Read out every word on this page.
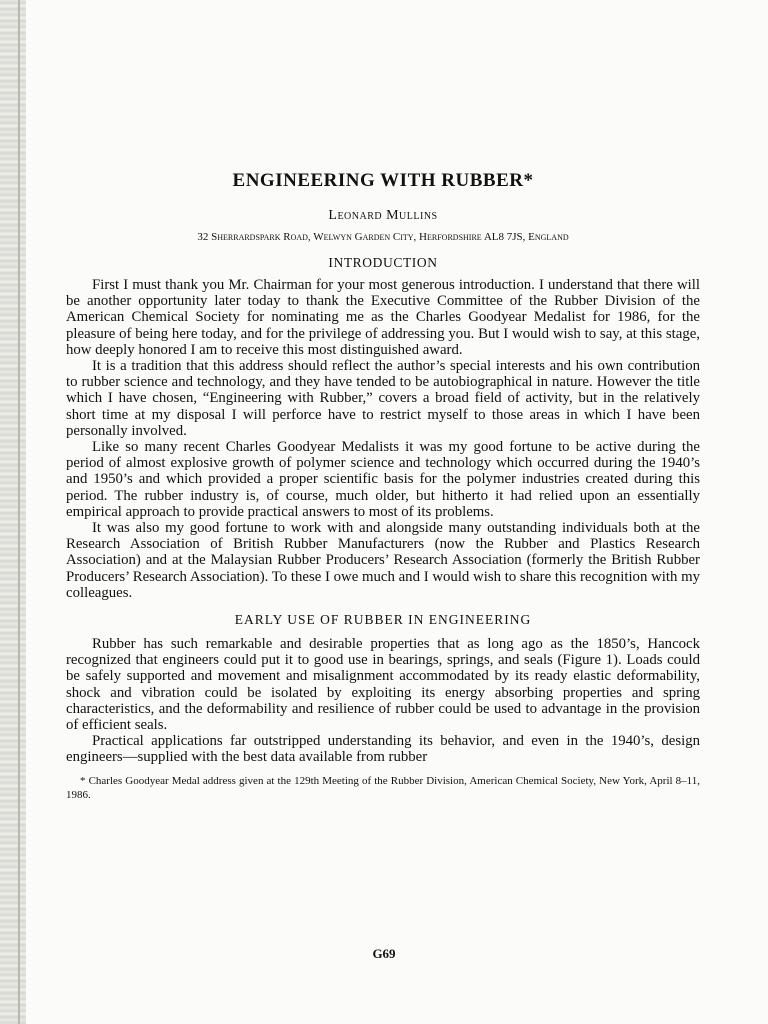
ENGINEERING WITH RUBBER*
Leonard Mullins
32 Sherrardspark Road, Welwyn Garden City, Herfordshire AL8 7JS, England
INTRODUCTION

First I must thank you Mr. Chairman for your most generous introduction. I understand that there will be another opportunity later today to thank the Executive Committee of the Rubber Division of the American Chemical Society for nominating me as the Charles Goodyear Medalist for 1986, for the pleasure of being here today, and for the privilege of addressing you. But I would wish to say, at this stage, how deeply honored I am to receive this most distinguished award.

It is a tradition that this address should reflect the author’s special interests and his own contribution to rubber science and technology, and they have tended to be autobiographical in nature. However the title which I have chosen, “Engineering with Rubber,” covers a broad field of activity, but in the relatively short time at my disposal I will perforce have to restrict myself to those areas in which I have been personally involved.

Like so many recent Charles Goodyear Medalists it was my good fortune to be active during the period of almost explosive growth of polymer science and technology which occurred during the 1940’s and 1950’s and which provided a proper scientific basis for the polymer industries created during this period. The rubber industry is, of course, much older, but hitherto it had relied upon an essentially empirical approach to provide practical answers to most of its problems.

It was also my good fortune to work with and alongside many outstanding individuals both at the Research Association of British Rubber Manufacturers (now the Rubber and Plastics Research Association) and at the Malaysian Rubber Producers’ Research Association (formerly the British Rubber Producers’ Research Association). To these I owe much and I would wish to share this recognition with my colleagues.

EARLY USE OF RUBBER IN ENGINEERING

Rubber has such remarkable and desirable properties that as long ago as the 1850’s, Hancock recognized that engineers could put it to good use in bearings, springs, and seals (Figure 1). Loads could be safely supported and movement and misalignment accommodated by its ready elastic deformability, shock and vibration could be isolated by exploiting its energy absorbing properties and spring characteristics, and the deformability and resilience of rubber could be used to advantage in the provision of efficient seals.

Practical applications far outstripped understanding its behavior, and even in the 1940’s, design engineers—supplied with the best data available from rubber

* Charles Goodyear Medal address given at the 129th Meeting of the Rubber Division, American Chemical Society, New York, April 8–11, 1986.

G69
